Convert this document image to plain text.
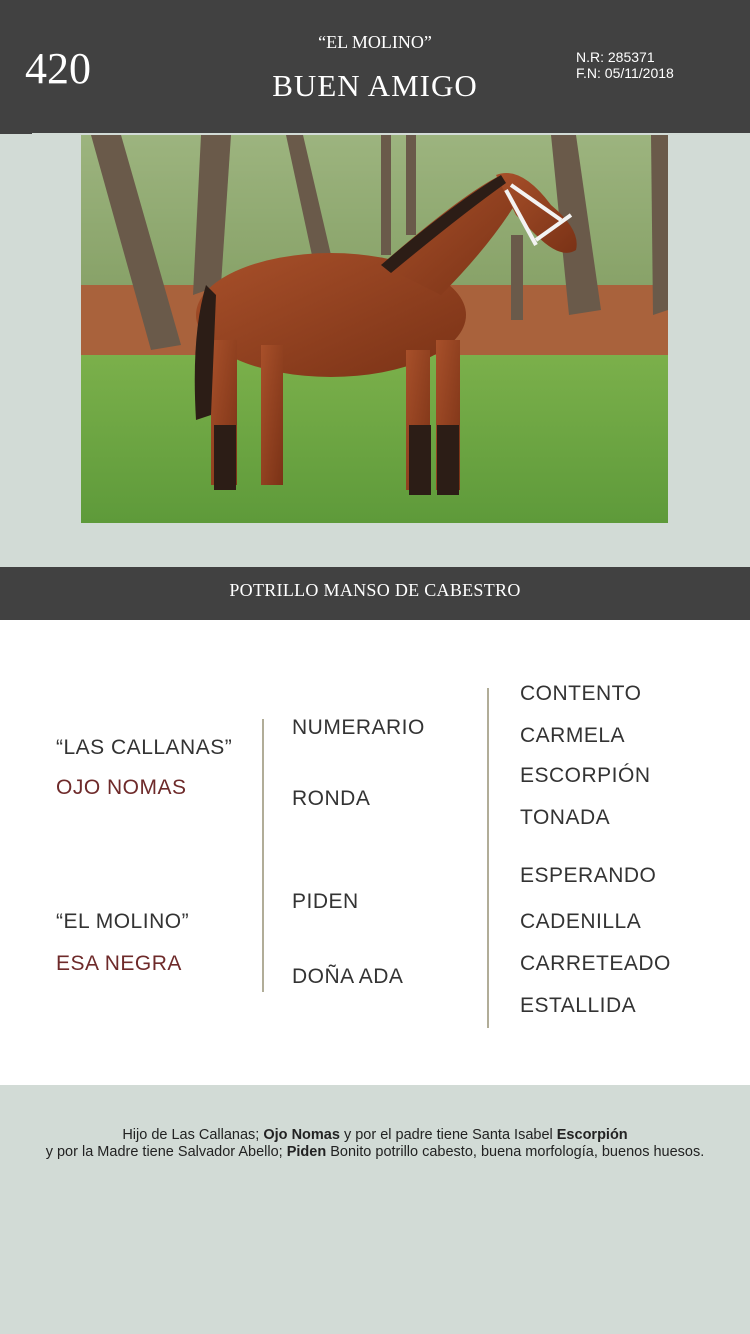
420
“EL MOLINO”
BUEN AMIGO
N.R: 285371
F.N: 05/11/2018
POTRILLO MANSO DE CABESTRO
“LAS CALLANAS”
OJO NOMAS
“EL MOLINO”
ESA NEGRA
NUMERARIO
RONDA
PIDEN
DOÑA ADA
CONTENTO
CARMELA
ESCORPIÓN
TONADA
ESPERANDO
CADENILLA
CARRETEADO
ESTALLIDA

Hijo de Las Callanas; Ojo Nomas y por el padre tiene Santa Isabel Escorpión
y por la Madre tiene Salvador Abello; Piden Bonito potrillo cabesto, buena morfología, buenos huesos.
